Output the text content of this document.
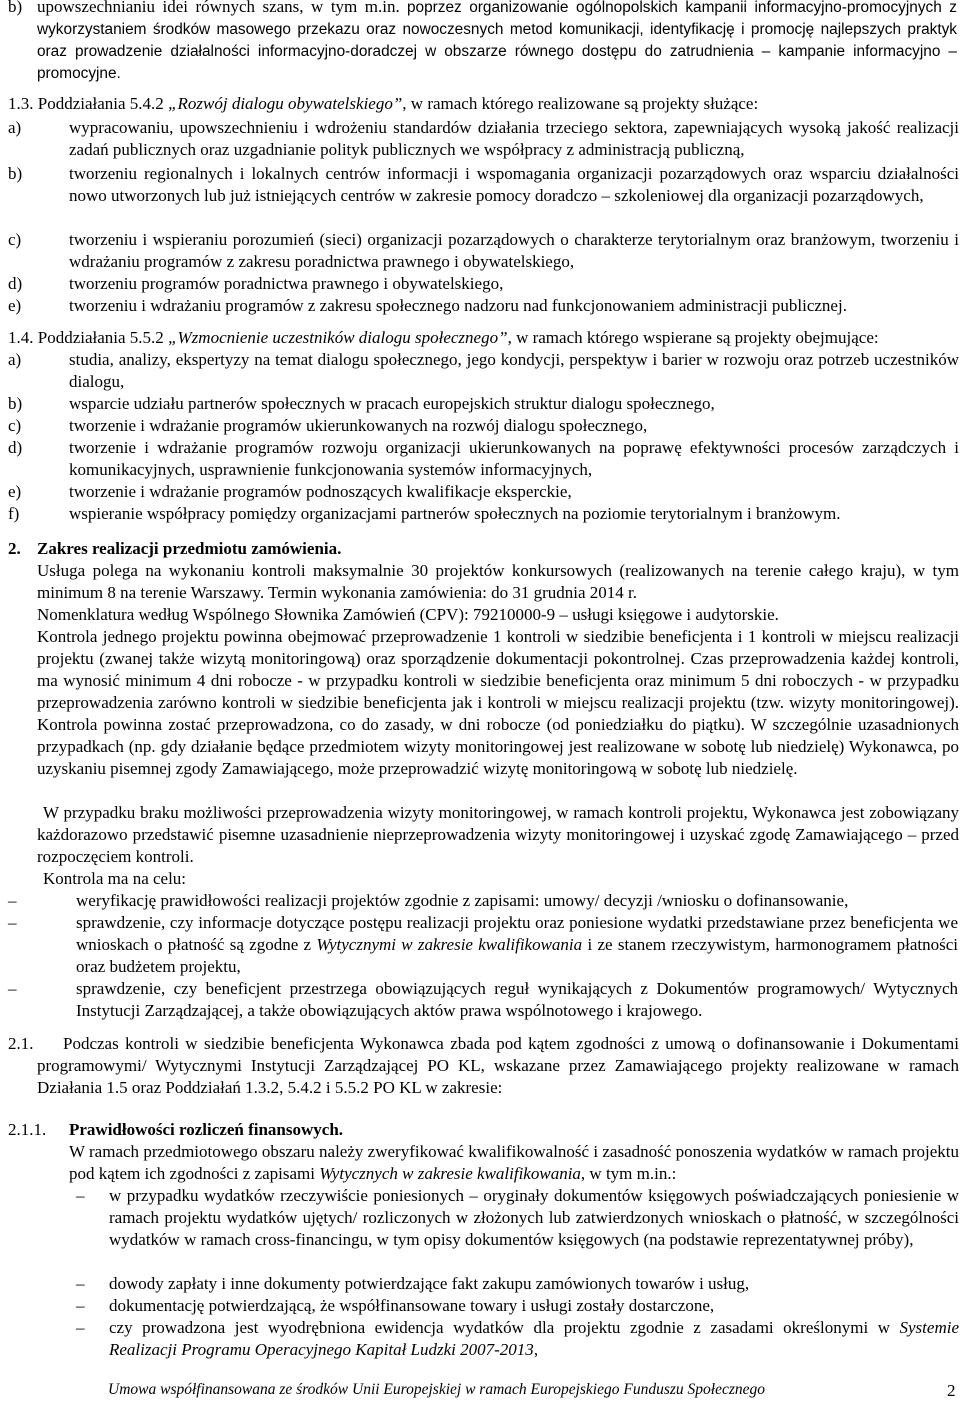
b) upowszechnianiu idei równych szans, w tym m.in. poprzez organizowanie ogólnopolskich kampanii informacyjno-promocyjnych z wykorzystaniem środków masowego przekazu oraz nowoczesnych metod komunikacji, identyfikację i promocję najlepszych praktyk oraz prowadzenie działalności informacyjno-doradczej w obszarze równego dostępu do zatrudnienia – kampanie informacyjno – promocyjne.
1.3. Poddziałania 5.4.2 „Rozwój dialogu obywatelskiego”, w ramach którego realizowane są projekty służące:
a)	wypracowaniu, upowszechnieniu i wdrożeniu standardów działania trzeciego sektora, zapewniających wysoką jakość realizacji zadań publicznych oraz uzgadnianie polityk publicznych we współpracy z administracją publiczną,
b)	tworzeniu regionalnych i lokalnych centrów informacji i wspomagania organizacji pozarządowych oraz wsparciu działalności nowo utworzonych lub już istniejących centrów w zakresie pomocy doradczo – szkoleniowej dla organizacji pozarządowych,
c)	tworzeniu i wspieraniu porozumień (sieci) organizacji pozarządowych o charakterze terytorialnym oraz branżowym, tworzeniu i wdrażaniu programów z zakresu poradnictwa prawnego i obywatelskiego,
d)	tworzeniu programów poradnictwa prawnego i obywatelskiego,
e)	tworzeniu i wdrażaniu programów z zakresu społecznego nadzoru nad funkcjonowaniem administracji publicznej.
1.4. Poddziałania 5.5.2 „Wzmocnienie uczestników dialogu społecznego”, w ramach którego wspierane są projekty obejmujące:
a)	studia, analizy, ekspertyzy na temat dialogu społecznego, jego kondycji, perspektyw i barier w rozwoju oraz potrzeb uczestników dialogu,
b)	wsparcie udziału partnerów społecznych w pracach europejskich struktur dialogu społecznego,
c)	tworzenie i wdrażanie programów ukierunkowanych na rozwój dialogu społecznego,
d)	tworzenie i wdrażanie programów rozwoju organizacji ukierunkowanych na poprawę efektywności procesów zarządczych i komunikacyjnych, usprawnienie funkcjonowania systemów informacyjnych,
e)	tworzenie i wdrażanie programów podnoszących kwalifikacje eksperckie,
f)	wspieranie współpracy pomiędzy organizacjami partnerów społecznych na poziomie terytorialnym i branżowym.
2. Zakres realizacji przedmiotu zamówienia.
Usługa polega na wykonaniu kontroli maksymalnie 30 projektów konkursowych (realizowanych na terenie całego kraju), w tym minimum 8 na terenie Warszawy. Termin wykonania zamówienia: do 31 grudnia 2014 r.
Nomenklatura według Wspólnego Słownika Zamówień (CPV): 79210000-9 – usługi księgowe i audytorskie.
Kontrola jednego projektu powinna obejmować przeprowadzenie 1 kontroli w siedzibie beneficjenta i 1 kontroli w miejscu realizacji projektu (zwanej także wizytą monitoringową) oraz sporządzenie dokumentacji pokontrolnej. Czas przeprowadzenia każdej kontroli, ma wynosić minimum 4 dni robocze - w przypadku kontroli w siedzibie beneficjenta oraz minimum 5 dni roboczych - w przypadku przeprowadzenia zarówno kontroli w siedzibie beneficjenta jak i kontroli w miejscu realizacji projektu (tzw. wizyty monitoringowej). Kontrola powinna zostać przeprowadzona, co do zasady, w dni robocze (od poniedziałku do piątku). W szczególnie uzasadnionych przypadkach (np. gdy działanie będące przedmiotem wizyty monitoringowej jest realizowane w sobotę lub niedzielę) Wykonawca, po uzyskaniu pisemnej zgody Zamawiającego, może przeprowadzić wizytę monitoringową w sobotę lub niedzielę.
W przypadku braku możliwości przeprowadzenia wizyty monitoringowej, w ramach kontroli projektu, Wykonawca jest zobowiązany każdorazowo przedstawić pisemne uzasadnienie nieprzeprowadzenia wizyty monitoringowej i uzyskać zgodę Zamawiającego – przed rozpoczęciem kontroli.
Kontrola ma na celu:
–	weryfikację prawidłowości realizacji projektów zgodnie z zapisami: umowy/ decyzji /wniosku o dofinansowanie,
–	sprawdzenie, czy informacje dotyczące postępu realizacji projektu oraz poniesione wydatki przedstawiane przez beneficjenta we wnioskach o płatność są zgodne z Wytycznymi w zakresie kwalifikowania i ze stanem rzeczywistym, harmonogramem płatności oraz budżetem projektu,
–	sprawdzenie, czy beneficjent przestrzega obowiązujących reguł wynikających z Dokumentów programowych/ Wytycznych Instytucji Zarządzającej, a także obowiązujących aktów prawa wspólnotowego i krajowego.
2.1.	Podczas kontroli w siedzibie beneficjenta Wykonawca zbada pod kątem zgodności z umową o dofinansowanie i Dokumentami programowymi/ Wytycznymi Instytucji Zarządzającej PO KL, wskazane przez Zamawiającego projekty realizowane w ramach Działania 1.5 oraz Poddziałań 1.3.2, 5.4.2 i 5.5.2 PO KL w zakresie:
2.1.1. Prawidłowości rozliczeń finansowych.
W ramach przedmiotowego obszaru należy zweryfikować kwalifikowalność i zasadność ponoszenia wydatków w ramach projektu pod kątem ich zgodności z zapisami Wytycznych w zakresie kwalifikowania, w tym m.in.:
– w przypadku wydatków rzeczywiście poniesionych – oryginały dokumentów księgowych poświadczających poniesienie w ramach projektu wydatków ujętych/ rozliczonych w złożonych lub zatwierdzonych wnioskach o płatność, w szczególności wydatków w ramach cross-financingu, w tym opisy dokumentów księgowych (na podstawie reprezentatywnej próby),
– dowody zapłaty i inne dokumenty potwierdzające fakt zakupu zamówionych towarów i usług,
– dokumentację potwierdzającą, że współfinansowane towary i usługi zostały dostarczone,
– czy prowadzona jest wyodrębniona ewidencja wydatków dla projektu zgodnie z zasadami określonymi w Systemie Realizacji Programu Operacyjnego Kapitał Ludzki 2007-2013,
Umowa współfinansowana ze środków Unii Europejskiej w ramach Europejskiego Funduszu Społecznego	2
